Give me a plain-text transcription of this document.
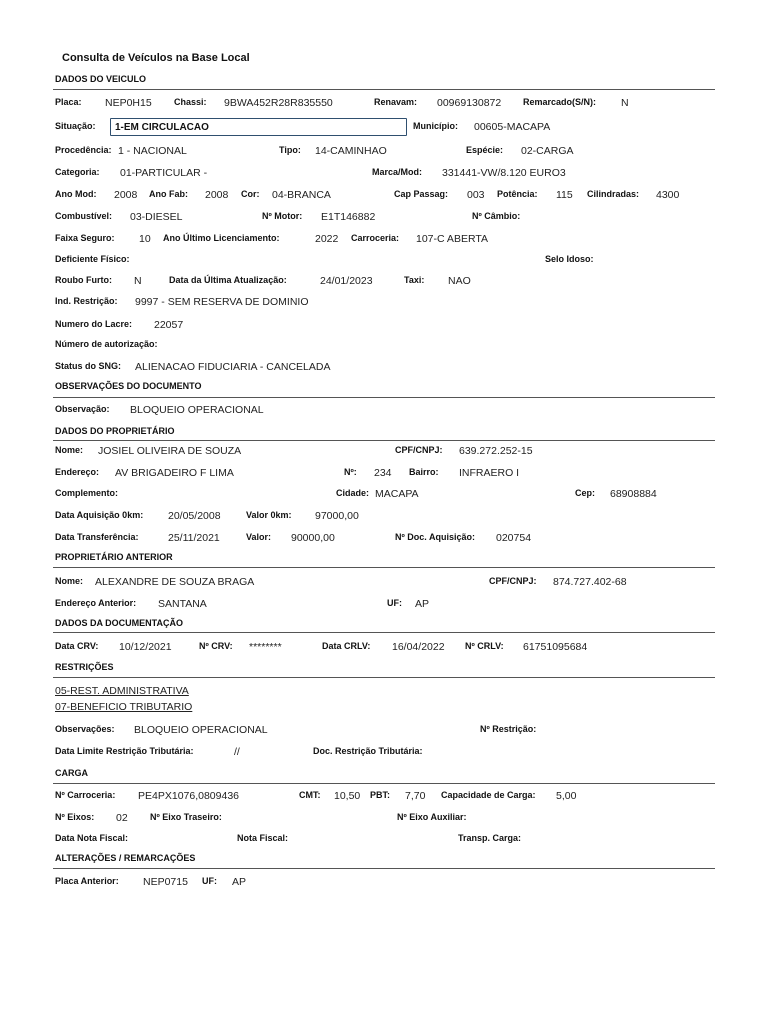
Consulta de Veículos na Base Local
DADOS DO VEICULO
Placa: NEP0H15 Chassi: 9BWA452R28R835550	Renavam: 00969130872 Remarcado(S/N): N
Situação: 1-EM CIRCULACAO	Município: 00605-MACAPA
Procedência: 1 - NACIONAL	Tipo: 14-CAMINHAO	Espécie: 02-CARGA
Categoria: 01-PARTICULAR -	Marca/Mod: 331441-VW/8.120 EURO3
Ano Mod: 2008 Ano Fab: 2008 Cor: 04-BRANCA	Cap Passag: 003 Potência: 115 Cilindradas: 4300
Combustível: 03-DIESEL	Nº Motor: E1T146882	Nº Câmbio:
Faixa Seguro: 10 Ano Último Licenciamento:	2022 Carroceria: 107-C ABERTA
Deficiente Físico:	Selo Idoso:
Roubo Furto: N	Data da Última Atualização:	24/01/2023	Taxi: NAO
Ind. Restrição: 9997 - SEM RESERVA DE DOMINIO
Numero do Lacre: 22057
Número de autorização:
Status do SNG: ALIENACAO FIDUCIARIA - CANCELADA
OBSERVAÇÕES DO DOCUMENTO
Observação: BLOQUEIO OPERACIONAL
DADOS DO PROPRIETÁRIO
Nome: JOSIEL OLIVEIRA DE SOUZA	CPF/CNPJ: 639.272.252-15
Endereço: AV BRIGADEIRO F LIMA	Nº: 234 Bairro: INFRAERO I
Complemento:	Cidade: MACAPA	Cep: 68908884
Data Aquisição 0km: 20/05/2008	Valor 0km: 97000,00
Data Transferência:	25/11/2021	Valor: 90000,00	Nº Doc. Aquisição: 020754
PROPRIETÁRIO ANTERIOR
Nome: ALEXANDRE DE SOUZA BRAGA	CPF/CNPJ: 874.727.402-68
Endereço Anterior: SANTANA	UF: AP
DADOS DA DOCUMENTAÇÃO
Data CRV: 10/12/2021	Nº CRV: ********	Data CRLV: 16/04/2022 Nº CRLV: 61751095684
RESTRIÇÕES
05-REST. ADMINISTRATIVA
07-BENEFICIO TRIBUTARIO
Observações: BLOQUEIO OPERACIONAL	Nº Restrição:
Data Limite Restrição Tributária:	//	Doc. Restrição Tributária:
CARGA
Nº Carroceria: PE4PX1076,0809436	CMT: 10,50 PBT: 7,70 Capacidade de Carga: 5,00
Nº Eixos: 02 Nº Eixo Traseiro:	Nº Eixo Auxiliar:
Data Nota Fiscal:	Nota Fiscal:	Transp. Carga:
ALTERAÇÕES / REMARCAÇÕES
Placa Anterior: NEP0715 UF: AP
